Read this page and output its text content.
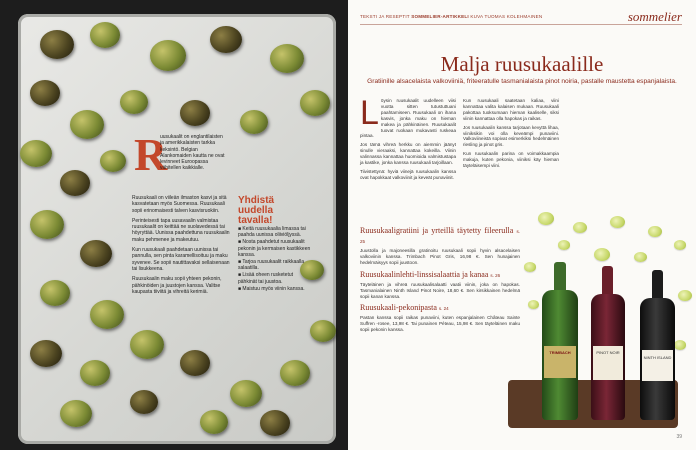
R

uusukaalit on englantilaisten ja amerikkalaisten tarkka keksintö. Belgian Alankomaiden kautta ne ovat levinneet Euroopassa vähitellen kaikkialle.

Ruusukaali on viileän ilmaston kasvi ja sitä kasvatetaan myös Suomessa. Ruusukaali sopii erinomaisesti talven kasvisruokiin.

Perinteisesti tapa uusavaalin valmistaa ruusukaalit on keittää ne suolavedessä tai höyryttää. Uunissa paahdettuna ruusukaalin maku pehmenee ja makeutuu.

Kun ruusukaali paahdetaan uunissa tai pannulla, sen pinta karamellisoituu ja maku syvenee. Se sopii nautittavaksi sellaisenaan tai lisukkeena.

Ruusukaalin maku sopii yhteen pekonin, pähkinöiden ja juustojen kanssa. Valitse kaupasta tiiviitä ja vihreitä kerimiä.

Yhdistä uudella tavalla!
■ Keitä ruusukaalia limassa tai paahda uunissa oliiviöljyssä.
■ Nosta paahdetut ruusukaalit pekonin ja kermaisen kastikkeen kanssa.
■ Tarjoa ruusukaalit raikkaalla salaatilla.
■ Lisää oheen rusketetut pähkinät tai juustoa.
■ Maistuu myös viinin kanssa.
TEKSTI JA RESEPTIT SOMMELIER-ARTIKKELI KUVA TUOMAS KOLEHMAINEN	sommelier
Malja ruusukaalille
Gratiinille alsacelaista valkoviiniä, friteeratulle tasmanialaista pinot noiria, pastalle maustetta espanjalaista.
L öysin ruusukaalit uudelleen viisi vuotta sitten tutustuttuani paahtamiseen. Ruusukaali on ihana kasvis, jonka maku on hieman makea ja pähkinäinen. Ruusukaalit tuovat ruokaan mukavasti ruskeaa pintaa.

Jos tämä vihreä herkku on aiemmin jäänyt sinulle vieraaksi, kannattaa kokeilla. Viinin valinnassa kannattaa huomioida valmistustapa ja kastike, jonka kanssa ruusukaali tarjoillaan.

Tiivistettynä: hyviä viinejä ruusukaalin kanssa ovat hapokkaat valkoviinit ja keveät punaviinit.

Kun ruusukaali saatetaan kaliaa, viini kannattaa valita kalaisen mukaan. Ruusukaali pakottaa tuoksumaan hieman kaaliselle, siksi viinin kannattaa olla hapokas ja raikas.

Jos ruusukaalin kanssa tarjotaan kevyttä lihaa, viiniksikin voi olla keveämpi punaviini. Valkoviineistä sopivat esimerkiksi hedelmäinen riesling ja pinot gris.

Kun ruusukaalin parina on voimakkaampia makuja, kuten pekonia, viiniksi käy hieman täyteläisempi viini.

Ruusukaaligratiini ja yrteillä täytetty fileerulla s. 25

Juustolla ja majoneesilla gratinoitu ruusukaali sopii hyvin alsacelaisen valkoviinin kanssa. Trimbach Pinot Gris, 16,98 €. Sen hunajainen hedelmäisyys sopii juustoon.

Ruusukaalinlehti-linssisalaattia ja kanaa s. 26

Täyteläinen ja vihreä ruusukaalisalaatti vaatii viinin, joka on hapokas. Tasmanialainen Ninth Island Pinot Noire, 18,60 €. Sen kirsikkainen hedelmä sopii kanan kanssa.

Ruusukaali-pekonipasta s. 24

Pastan kanssa sopii raikas punaviini, kuten espanjalainen Château Sainte Suffren -rosee, 13,98 €. Tai punainen Péteau, 15,98 €. Sen täyteläinen maku sopii pekonin kanssa.

TRIMBACH	PINOT NOIR
NINTH ISLAND
39
